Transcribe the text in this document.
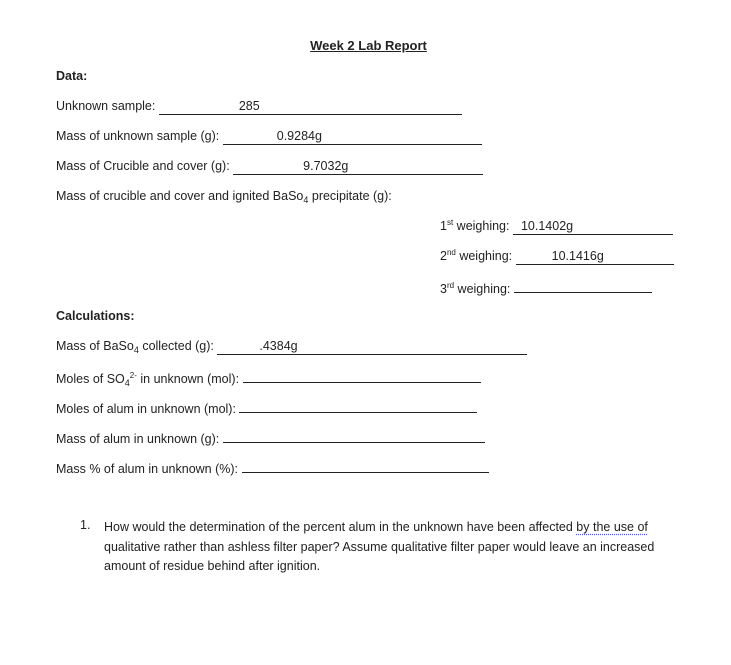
Week 2 Lab Report
Data:
Unknown sample:	285
Mass of unknown sample (g):	0.9284g
Mass of Crucible and cover (g):	9.7032g
Mass of crucible and cover and ignited BaSo$_4$ precipitate (g):
1st weighing: 10.1402g
2nd weighing:	10.1416g
3rd weighing:
Calculations:
Mass of BaSo$_4$ collected (g):	.4384g
Moles of $SO_4^{2-}$ in unknown (mol):
Moles of alum in unknown (mol):
Mass of alum in unknown (g):
Mass % of alum in unknown (%):
1. How would the determination of the percent alum in the unknown have been affected by the use of qualitative rather than ashless filter paper? Assume qualitative filter paper would leave an increased amount of residue behind after ignition.
